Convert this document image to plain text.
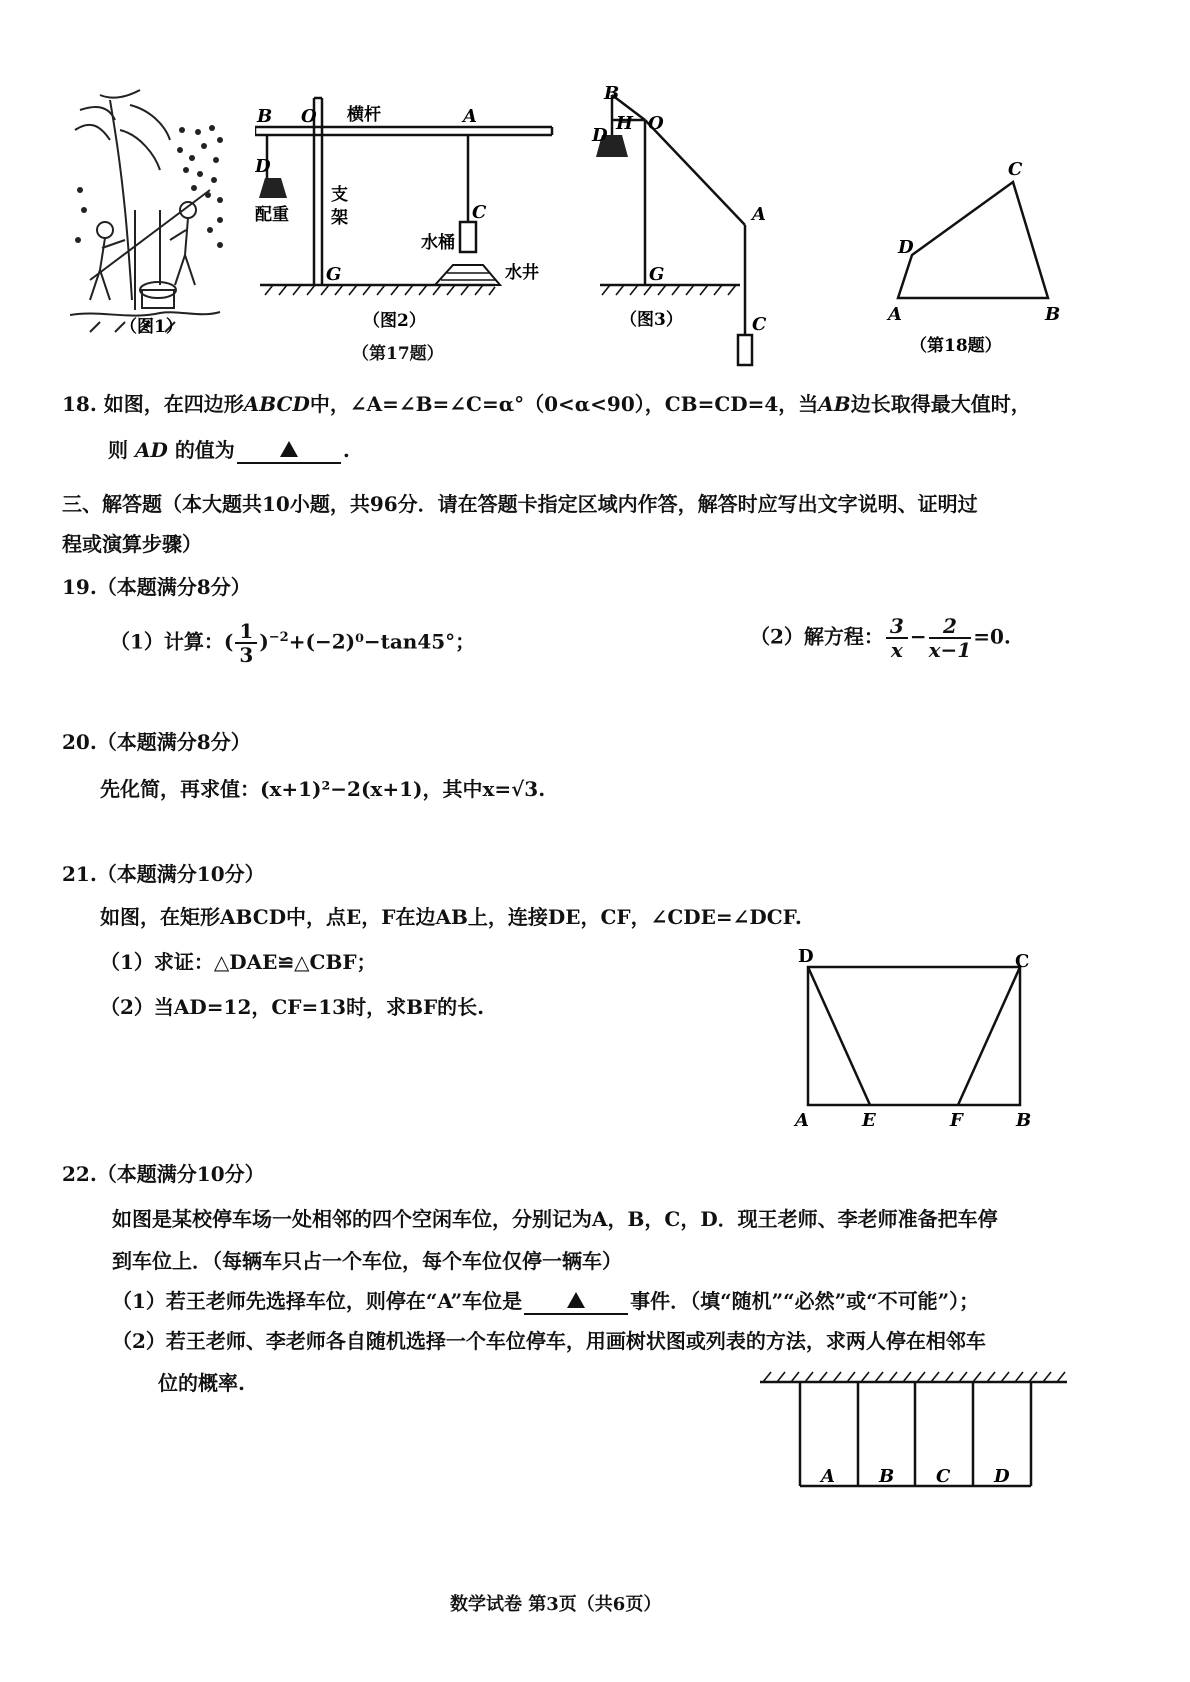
（图1）
B O 横杆	A
D
支
架
配重	C
水桶
G	水井
（图2）
B
H O
D
A
G
C
（图3）
（第17题）
C
D
A	B
（第18题）
18. 如图，在四边形ABCD中，∠A=∠B=∠C=α°（0<α<90），CB=CD=4，当AB边长取得最大值时，
则 AD 的值为	.
三、解答题（本大题共10小题，共96分．请在答题卡指定区域内作答，解答时应写出文字说明、证明过
程或演算步骤）
19.（本题满分8分）
（1）计算：( $\frac{1}{3} )^{-2}+(-2)^0-\tan 45^\circ$；	（2）解方程： $\frac{3}{x} - \frac{2}{x-1} =0$.
20.（本题满分8分）
先化简，再求值：(x+1)²−2(x+1)，其中x=√3.
21.（本题满分10分）
如图，在矩形ABCD中，点E，F在边AB上，连接DE，CF，∠CDE=∠DCF.
（1）求证：△DAE≌△CBF；
（2）当AD=12，CF=13时，求BF的长.
D	C
A	E	F	B
22.（本题满分10分）
如图是某校停车场一处相邻的四个空闲车位，分别记为A，B，C，D．现王老师、李老师准备把车停
到车位上．（每辆车只占一个车位，每个车位仅停一辆车）
（1）若王老师先选择车位，则停在“A”车位是	事件．（填“随机”“必然”或“不可能”）；
（2）若王老师、李老师各自随机选择一个车位停车，用画树状图或列表的方法，求两人停在相邻车
位的概率.
A B C D
数学试卷 第3页（共6页）
